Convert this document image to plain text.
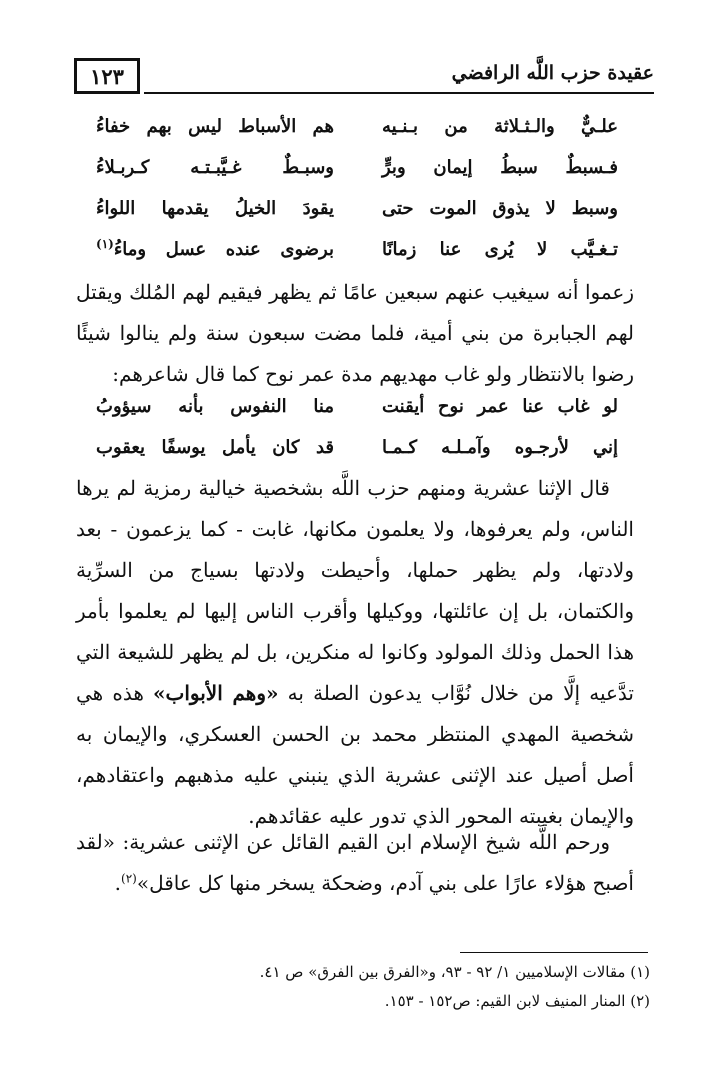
١٢٣	عقيدة حزب اللَّه الرافضي
علـيٌّ والـثـلاثة من بـنـيه
هم الأسباط ليس بهم خفاءُ
فـسبطٌ سبطُ إيمان وبرٍّ
وسبـطٌ غـيَّبـتـه كـربـلاءُ
وسبط لا يذوق الموت حتى
يقودَ الخيلُ يقدمها اللواءُ
تـغـيَّب لا يُرى عنا زمانًا
برضوى عنده عسل وماءُ$^{(١)}$

زعموا أنه سيغيب عنهم سبعين عامًا ثم يظهر فيقيم لهم المُلك ويقتل لهم الجبابرة من بني أمية، فلما مضت سبعون سنة ولم ينالوا شيئًا رضوا بالانتظار ولو غاب مهديهم مدة عمر نوح كما قال شاعرهم:

لو غاب عنا عمر نوح أيقنت
منا النفوس بأنه سيؤوبُ
إني لأرجـوه وآمـلـه كـمـا
قد كان يأمل يوسفًا يعقوب

قال الإثنا عشرية ومنهم حزب اللَّه بشخصية خيالية رمزية لم يرها الناس، ولم يعرفوها، ولا يعلمون مكانها، غابت - كما يزعمون - بعد ولادتها، ولم يظهر حملها، وأحيطت ولادتها بسياج من السرِّية والكتمان، بل إن عائلتها، ووكيلها وأقرب الناس إليها لم يعلموا بأمر هذا الحمل وذلك المولود وكانوا له منكرين، بل لم يظهر للشيعة التي تدَّعيه إلَّا من خلال نُوَّاب يدعون الصلة به «وهم الأبواب» هذه هي شخصية المهدي المنتظر محمد بن الحسن العسكري، والإيمان به أصل أصيل عند الإثنى عشرية الذي ينبني عليه مذهبهم واعتقادهم، والإيمان بغيبته المحور الذي تدور عليه عقائدهم.

ورحم اللَّه شيخ الإسلام ابن القيم القائل عن الإثنى عشرية: «لقد أصبح هؤلاء عارًا على بني آدم، وضحكة يسخر منها كل عاقل»$^{(٢)}$.

(١) مقالات الإسلاميين ١/ ٩٢ - ٩٣، و«الفرق بين الفرق» ص ٤١.

(٢) المنار المنيف لابن القيم: ص١٥٢ - ١٥٣.
